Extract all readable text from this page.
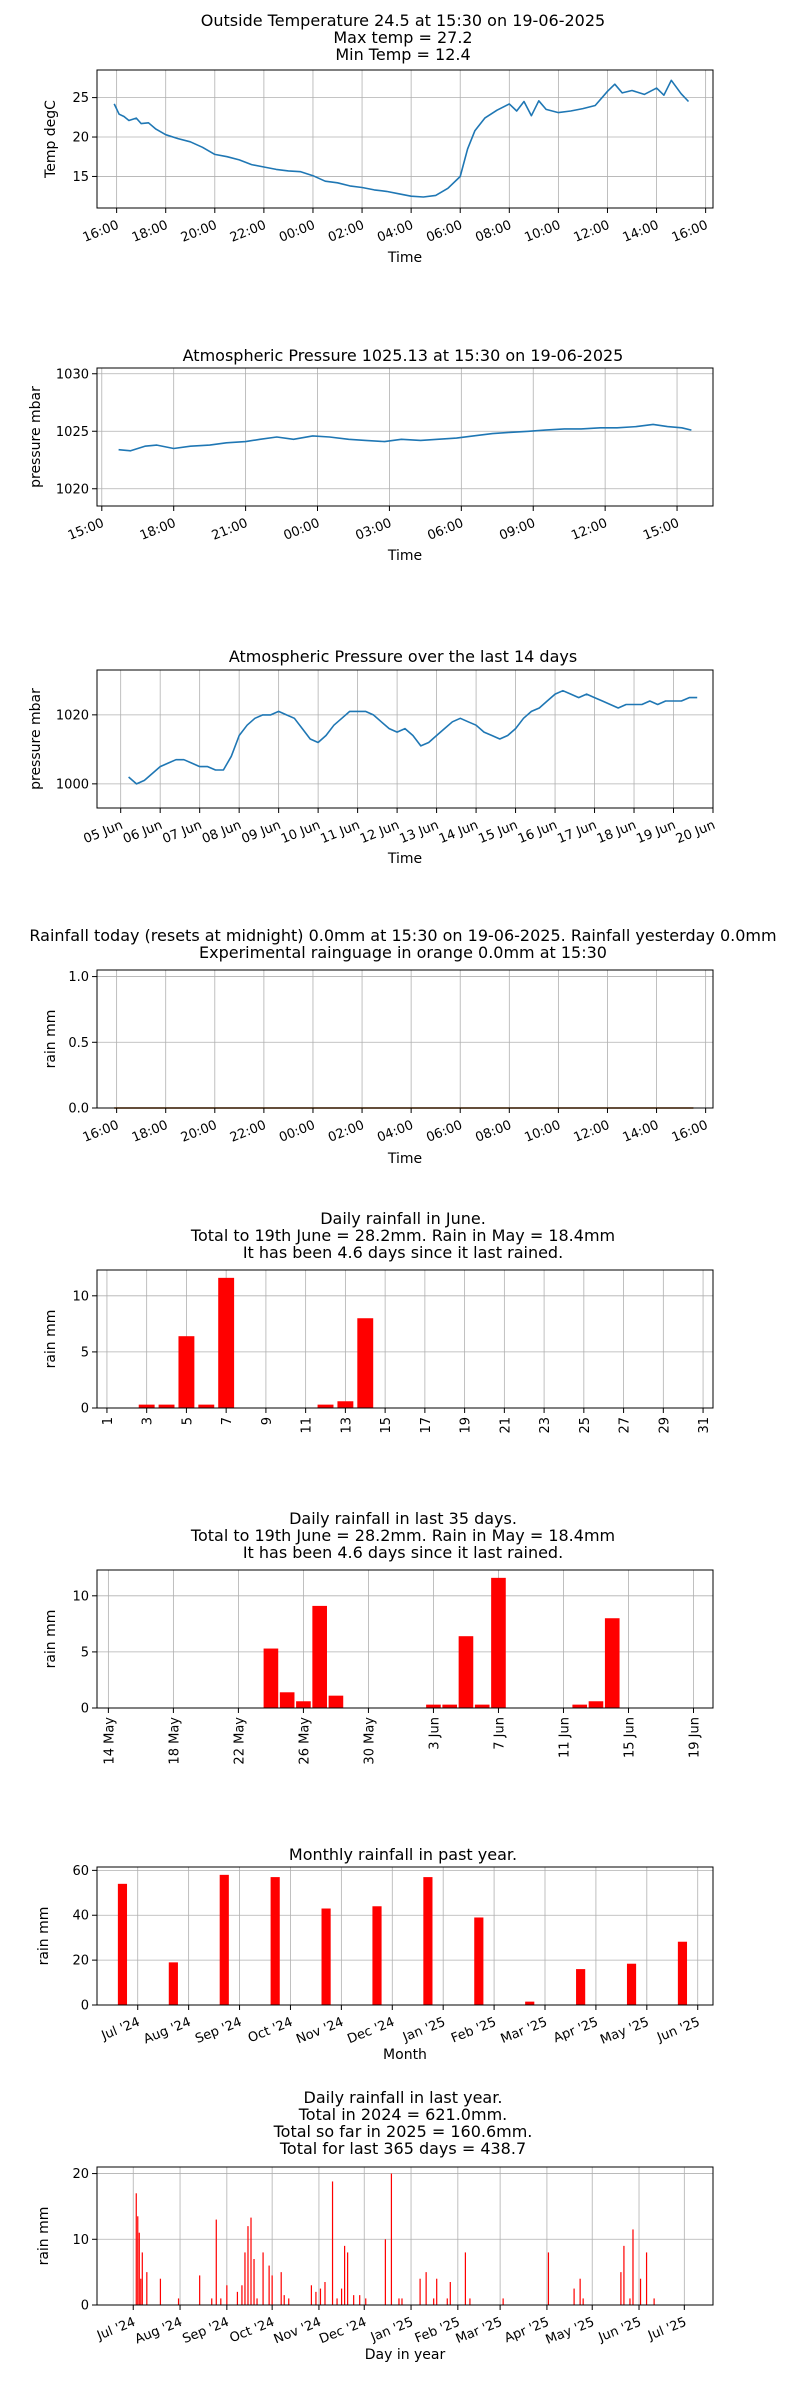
Outside Temperature 24.5 at 15:30 on 19-06-2025
Max temp = 27.2
Min Temp = 12.4
15
20
25
16:00 18:00 20:00 22:00 00:00 02:00 04:00 06:00 08:00 10:00 12:00 14:00 16:00
Time
Temp degC
Atmospheric Pressure 1025.13 at 15:30 on 19-06-2025
1020
1025
1030
15:00 18:00 21:00 00:00 03:00 06:00 09:00 12:00 15:00
Time
pressure mbar
Atmospheric Pressure over the last 14 days
1000
1020
05 Jun
06 Jun
07 Jun
08 Jun
09 Jun
10 Jun
11 Jun
12 Jun
13 Jun
14 Jun
15 Jun
16 Jun
17 Jun
18 Jun
19 Jun
20 Jun
Time
pressure mbar
Rainfall today (resets at midnight) 0.0mm at 15:30 on 19-06-2025. Rainfall yesterday 0.0mm
Experimental rainguage in orange 0.0mm at 15:30
0.0
0.5
1.0
16:00 18:00 20:00 22:00 00:00 02:00 04:00 06:00 08:00 10:00 12:00 14:00 16:00
Time
rain mm
Daily rainfall in June.
Total to 19th June = 28.2mm. Rain in May = 18.4mm
It has been 4.6 days since it last rained.
0
5
10
1 3 5 7 9 11 13 15 17 19 21 23 25 27 29 31
rain mm
Daily rainfall in last 35 days.
Total to 19th June = 28.2mm. Rain in May = 18.4mm
It has been 4.6 days since it last rained.
0
5
10
14 May	18 May	22 May	26 May	30 May	3 Jun	7 Jun	11 Jun	15 Jun	19 Jun
rain mm
Monthly rainfall in past year.
0
20
40
60
Jul '24 Aug '24 Sep '24 Oct '24 Nov '24 Dec '24 Jan '25 Feb '25 Mar '25 Apr '25
May '25 Jun '25
Month
rain mm
Daily rainfall in last year.
Total in 2024 = 621.0mm.
Total so far in 2025 = 160.6mm.
Total for last 365 days = 438.7
0
10
20
Jul '24
Aug '24
Sep '24
Oct '24
Nov '24
Dec '24 Jan '25
Feb '25
Mar '25
Apr '25
May '25 Jun '25 Jul '25
Day in year
rain mm
